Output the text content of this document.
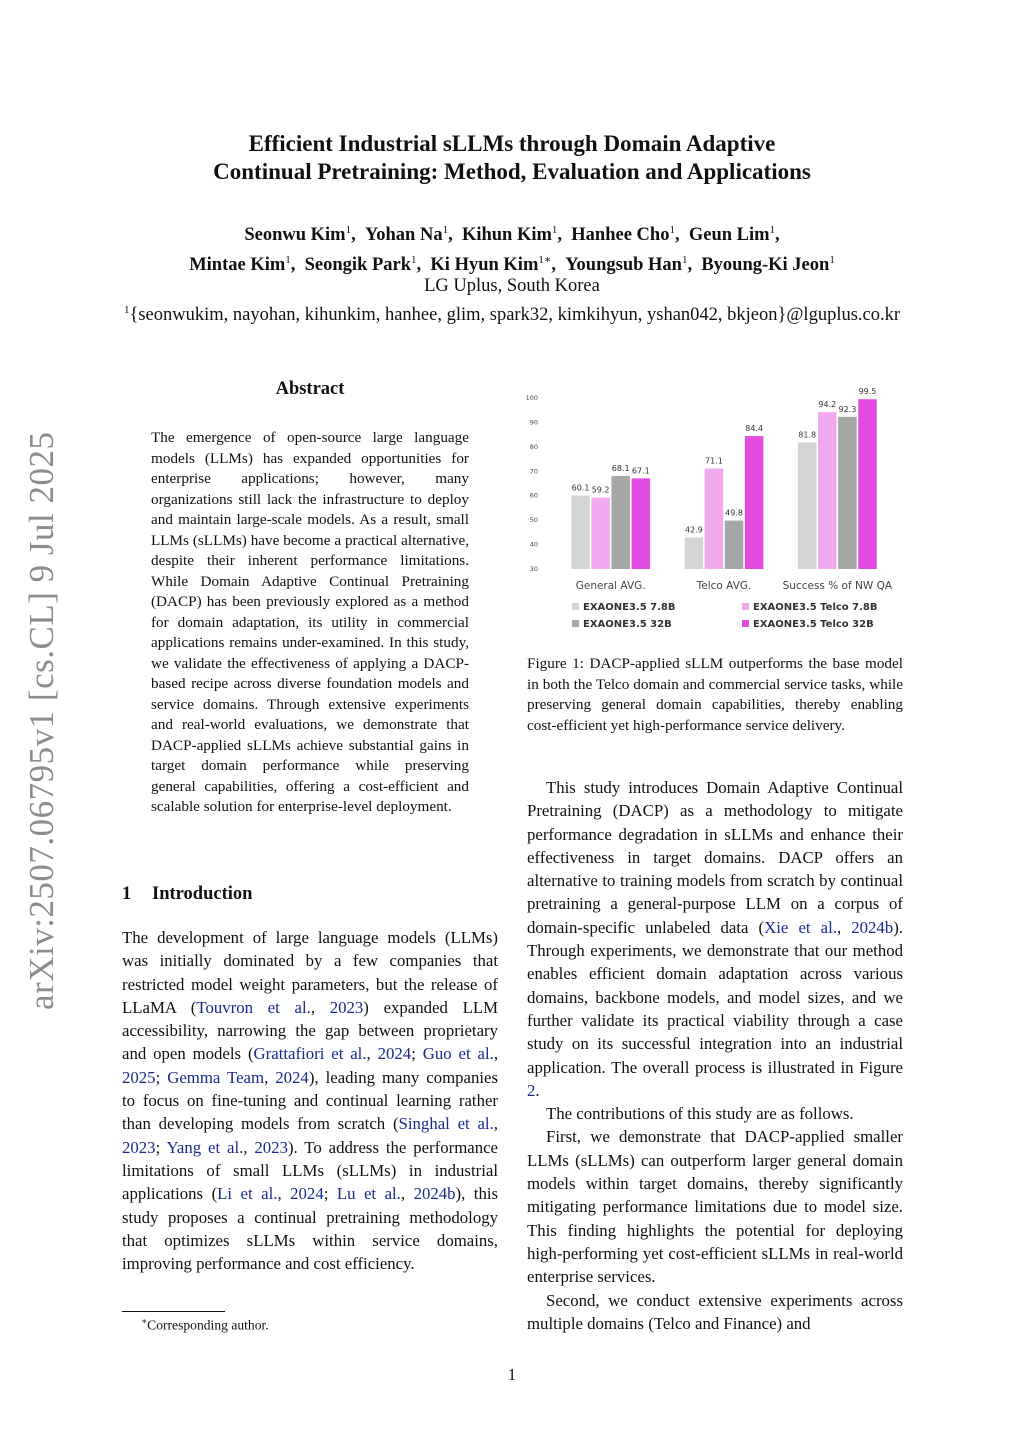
Efficient Industrial sLLMs through Domain Adaptive
Continual Pretraining: Method, Evaluation and Applications
Seonwu Kim$^1$, Yohan Na$^1$, Kihun Kim$^1$, Hanhee Cho$^1$, Geun Lim$^1$,
Mintae Kim$^1$, Seongik Park$^1$, Ki Hyun Kim$^{1∗}$, Youngsub Han$^1$, Byoung-Ki Jeon$^1$
LG Uplus, South Korea
$^1${seonwukim, nayohan, kihunkim, hanhee, glim, spark32, kimkihyun, yshan042, bkjeon}@lguplus.co.kr
arXiv:2507.06795v1 [cs.CL] 9 Jul 2025
Abstract
The emergence of open-source large language models (LLMs) has expanded opportunities for enterprise applications; however, many organizations still lack the infrastructure to deploy and maintain large-scale models. As a result, small LLMs (sLLMs) have become a practical alternative, despite their inherent performance limitations. While Domain Adaptive Continual Pretraining (DACP) has been previously explored as a method for domain adaptation, its utility in commercial applications remains under-examined. In this study, we validate the effectiveness of applying a DACP-based recipe across diverse foundation models and service domains. Through extensive experiments and real-world evaluations, we demonstrate that DACP-applied sLLMs achieve substantial gains in target domain performance while preserving general capabilities, offering a cost-efficient and scalable solution for enterprise-level deployment.
1 Introduction

The development of large language models (LLMs) was initially dominated by a few companies that restricted model weight parameters, but the release of LLaMA (Touvron et al., 2023) expanded LLM accessibility, narrowing the gap between proprietary and open models (Grattafiori et al., 2024; Guo et al., 2025; Gemma Team, 2024), leading many companies to focus on fine-tuning and continual learning rather than developing models from scratch (Singhal et al., 2023; Yang et al., 2023). To address the performance limitations of small LLMs (sLLMs) in industrial applications (Li et al., 2024; Lu et al., 2024b), this study proposes a continual pretraining methodology that optimizes sLLMs within service domains, improving performance and cost efficiency.

30
40
50
60
70
80
90
100
60.1 59.2
68.1 67.1
42.9
71.1
49.8
84.4
81.8
94.2
92.3
99.5
General AVG.	Telco AVG.	Success % of NW QA
EXAONE3.5 7.8B	EXAONE3.5 Telco 7.8B
EXAONE3.5 32B	EXAONE3.5 Telco 32B
Figure 1: DACP-applied sLLM outperforms the base model in both the Telco domain and commercial service tasks, while preserving general domain capabilities, thereby enabling cost-efficient yet high-performance service delivery.

This study introduces Domain Adaptive Continual Pretraining (DACP) as a methodology to mitigate performance degradation in sLLMs and enhance their effectiveness in target domains. DACP offers an alternative to training models from scratch by continual pretraining a general-purpose LLM on a corpus of domain-specific unlabeled data (Xie et al., 2024b). Through experiments, we demonstrate that our method enables efficient domain adaptation across various domains, backbone models, and model sizes, and we further validate its practical viability through a case study on its successful integration into an industrial application. The overall process is illustrated in Figure 2.

The contributions of this study are as follows.

First, we demonstrate that DACP-applied smaller LLMs (sLLMs) can outperform larger general domain models within target domains, thereby significantly mitigating performance limitations due to model size. This finding highlights the potential for deploying high-performing yet cost-efficient sLLMs in real-world enterprise services.

Second, we conduct extensive experiments across multiple domains (Telco and Finance) and

∗Corresponding author.
1
